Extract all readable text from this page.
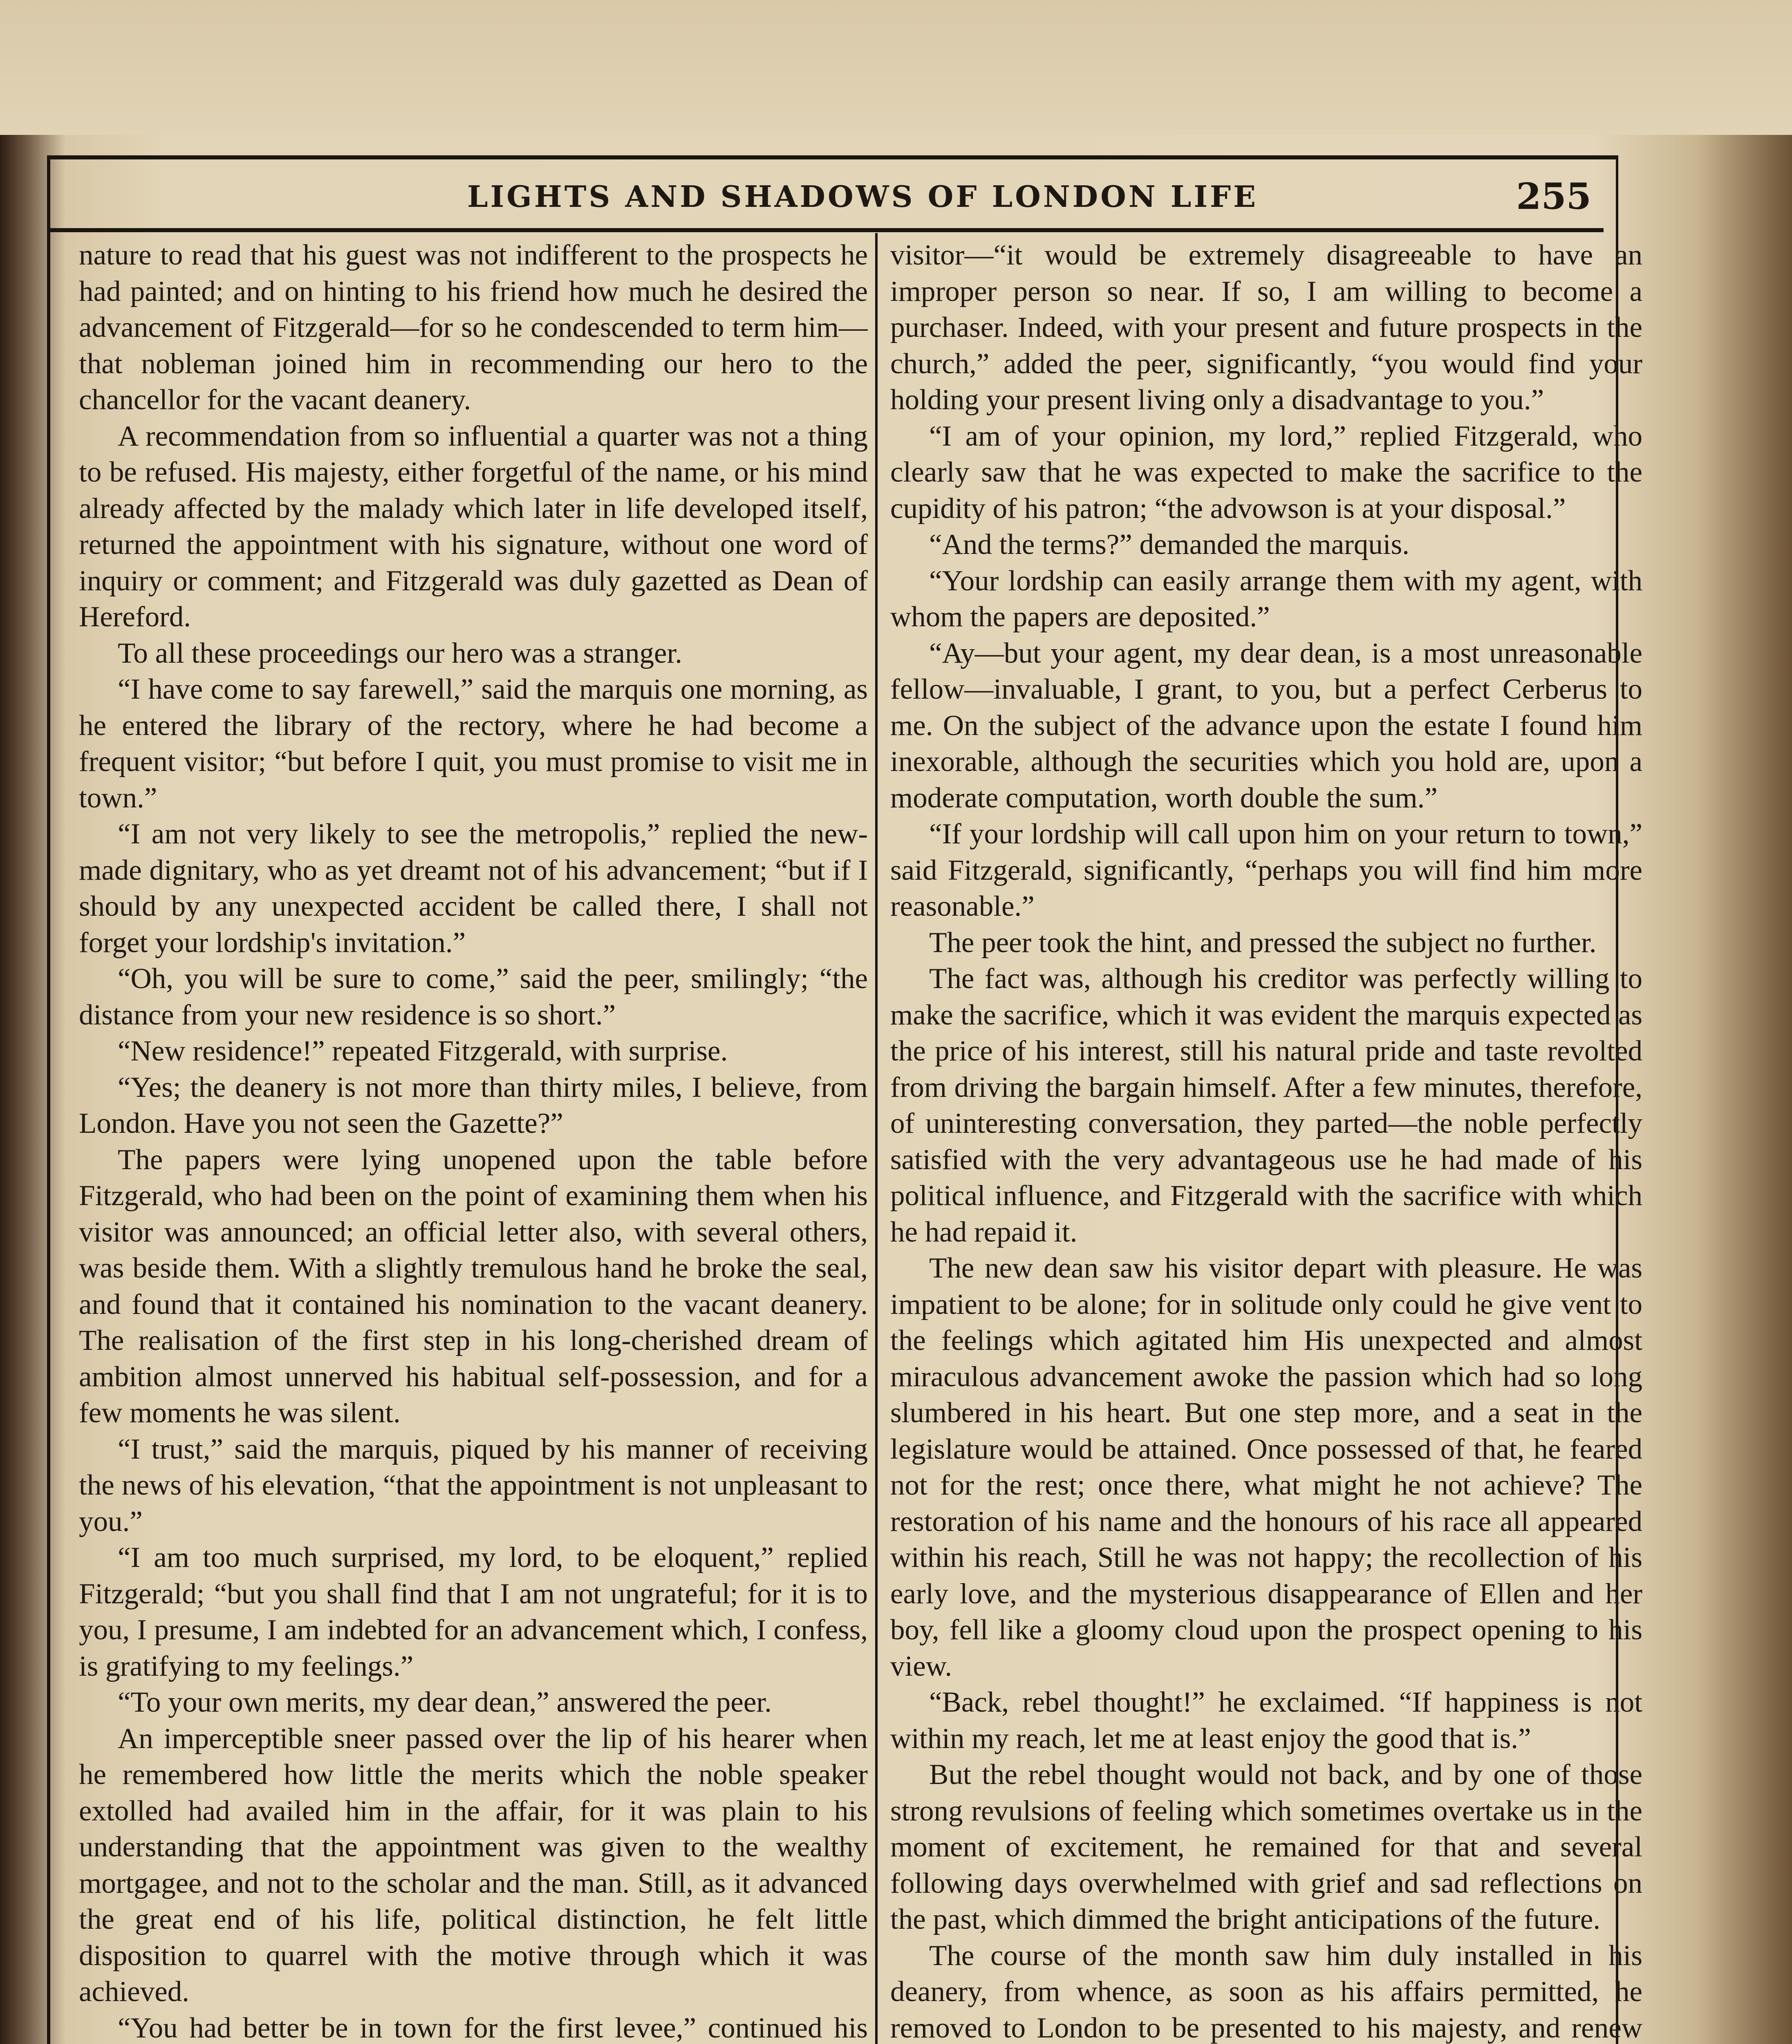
LIGHTS AND SHADOWS OF LONDON LIFE	255

nature to read that his guest was not indifferent to the prospects he had painted; and on hinting to his friend how much he desired the advancement of Fitzgerald—for so he condescended to term him—that nobleman joined him in recommending our hero to the chancellor for the vacant deanery.

A recommendation from so influential a quarter was not a thing to be refused. His majesty, either forgetful of the name, or his mind already affected by the malady which later in life developed itself, returned the appointment with his signature, without one word of inquiry or comment; and Fitzgerald was duly gazetted as Dean of Hereford.

To all these proceedings our hero was a stranger.

“I have come to say farewell,” said the marquis one morning, as he entered the library of the rectory, where he had become a frequent visitor; “but before I quit, you must promise to visit me in town.”

“I am not very likely to see the metropolis,” replied the new-made dignitary, who as yet dreamt not of his advancement; “but if I should by any unexpected accident be called there, I shall not forget your lordship's invitation.”

“Oh, you will be sure to come,” said the peer, smilingly; “the distance from your new residence is so short.”

“New residence!” repeated Fitzgerald, with surprise.

“Yes; the deanery is not more than thirty miles, I believe, from London. Have you not seen the Gazette?”

The papers were lying unopened upon the table before Fitzgerald, who had been on the point of examining them when his visitor was announced; an official letter also, with several others, was beside them. With a slightly tremulous hand he broke the seal, and found that it contained his nomination to the vacant deanery. The realisation of the first step in his long-cherished dream of ambition almost unnerved his habitual self-possession, and for a few moments he was silent.

“I trust,” said the marquis, piqued by his manner of receiving the news of his elevation, “that the appointment is not unpleasant to you.”

“I am too much surprised, my lord, to be eloquent,” replied Fitzgerald; “but you shall find that I am not ungrateful; for it is to you, I presume, I am indebted for an advancement which, I confess, is gratifying to my feelings.”

“To your own merits, my dear dean,” answered the peer.

An imperceptible sneer passed over the lip of his hearer when he remembered how little the merits which the noble speaker extolled had availed him in the affair, for it was plain to his understanding that the appointment was given to the wealthy mortgagee, and not to the scholar and the man. Still, as it advanced the great end of his life, political distinction, he felt little disposition to quarrel with the motive through which it was achieved.

“You had better be in town for the first levee,” continued his

visitor—“it would be extremely disagreeable to have an improper person so near. If so, I am willing to become a purchaser. Indeed, with your present and future prospects in the church,” added the peer, significantly, “you would find your holding your present living only a disadvantage to you.”

“I am of your opinion, my lord,” replied Fitzgerald, who clearly saw that he was expected to make the sacrifice to the cupidity of his patron; “the advowson is at your disposal.”

“And the terms?” demanded the marquis.

“Your lordship can easily arrange them with my agent, with whom the papers are deposited.”

“Ay—but your agent, my dear dean, is a most unreasonable fellow—invaluable, I grant, to you, but a perfect Cerberus to me. On the subject of the advance upon the estate I found him inexorable, although the securities which you hold are, upon a moderate computation, worth double the sum.”

“If your lordship will call upon him on your return to town,” said Fitzgerald, significantly, “perhaps you will find him more reasonable.”

The peer took the hint, and pressed the subject no further.

The fact was, although his creditor was perfectly willing to make the sacrifice, which it was evident the marquis expected as the price of his interest, still his natural pride and taste revolted from driving the bargain himself. After a few minutes, therefore, of uninteresting conversation, they parted—the noble perfectly satisfied with the very advantageous use he had made of his political influence, and Fitzgerald with the sacrifice with which he had repaid it.

The new dean saw his visitor depart with pleasure. He was impatient to be alone; for in solitude only could he give vent to the feelings which agitated him His unexpected and almost miraculous advancement awoke the passion which had so long slumbered in his heart. But one step more, and a seat in the legislature would be attained. Once possessed of that, he feared not for the rest; once there, what might he not achieve? The restoration of his name and the honours of his race all appeared within his reach, Still he was not happy; the recollection of his early love, and the mysterious disappearance of Ellen and her boy, fell like a gloomy cloud upon the prospect opening to his view.

“Back, rebel thought!” he exclaimed. “If happiness is not within my reach, let me at least enjoy the good that is.”

But the rebel thought would not back, and by one of those strong revulsions of feeling which sometimes overtake us in the moment of excitement, he remained for that and several following days overwhelmed with grief and sad reflections on the past, which dimmed the bright anticipations of the future.

The course of the month saw him duly installed in his deanery, from whence, as soon as his affairs permitted, he removed to London to be presented to his majesty, and renew
